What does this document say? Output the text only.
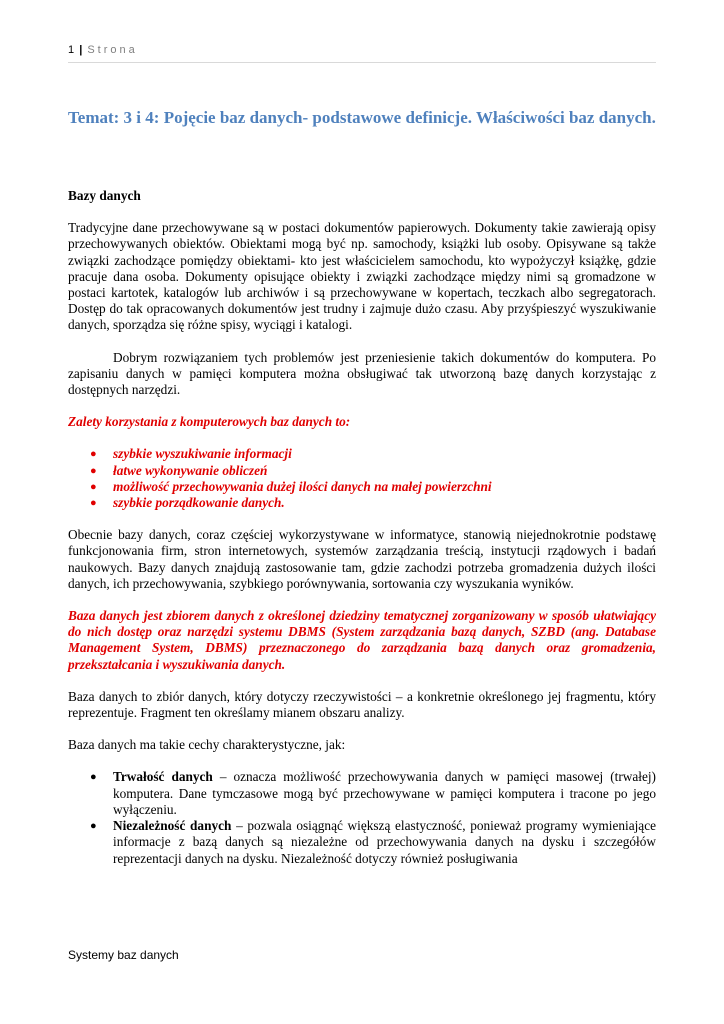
1 | Strona
Temat: 3 i 4: Pojęcie baz danych- podstawowe definicje. Właściwości baz danych.

Bazy danych

Tradycyjne dane przechowywane są w postaci dokumentów papierowych. Dokumenty takie zawierają opisy przechowywanych obiektów. Obiektami mogą być np. samochody, książki lub osoby. Opisywane są także związki zachodzące pomiędzy obiektami- kto jest właścicielem samochodu, kto wypożyczył książkę, gdzie pracuje dana osoba. Dokumenty opisujące obiekty i związki zachodzące między nimi są gromadzone w postaci kartotek, katalogów lub archiwów i są przechowywane w kopertach, teczkach albo segregatorach. Dostęp do tak opracowanych dokumentów jest trudny i zajmuje dużo czasu. Aby przyśpieszyć wyszukiwanie danych, sporządza się różne spisy, wyciągi i katalogi.

Dobrym rozwiązaniem tych problemów jest przeniesienie takich dokumentów do komputera. Po zapisaniu danych w pamięci komputera można obsługiwać tak utworzoną bazę danych korzystając z dostępnych narzędzi.

Zalety korzystania z komputerowych baz danych to:

● szybkie wyszukiwanie informacji
● łatwe wykonywanie obliczeń
● możliwość przechowywania dużej ilości danych na małej powierzchni
● szybkie porządkowanie danych.

Obecnie bazy danych, coraz częściej wykorzystywane w informatyce, stanowią niejednokrotnie podstawę funkcjonowania firm, stron internetowych, systemów zarządzania treścią, instytucji rządowych i badań naukowych. Bazy danych znajdują zastosowanie tam, gdzie zachodzi potrzeba gromadzenia dużych ilości danych, ich przechowywania, szybkiego porównywania, sortowania czy wyszukania wyników.

Baza danych jest zbiorem danych z określonej dziedziny tematycznej zorganizowany w sposób ułatwiający do nich dostęp oraz narzędzi systemu DBMS (System zarządzania bazą danych, SZBD (ang. Database Management System, DBMS) przeznaczonego do zarządzania bazą danych oraz gromadzenia, przekształcania i wyszukiwania danych.

Baza danych to zbiór danych, który dotyczy rzeczywistości – a konkretnie określonego jej fragmentu, który reprezentuje. Fragment ten określamy mianem obszaru analizy.

Baza danych ma takie cechy charakterystyczne, jak:

● Trwałość danych – oznacza możliwość przechowywania danych w pamięci masowej (trwałej) komputera. Dane tymczasowe mogą być przechowywane w pamięci komputera i tracone po jego wyłączeniu.
● Niezależność danych – pozwala osiągnąć większą elastyczność, ponieważ programy wymieniające informacje z bazą danych są niezależne od przechowywania danych na dysku i szczegółów reprezentacji danych na dysku. Niezależność dotyczy również posługiwania
Systemy baz danych
